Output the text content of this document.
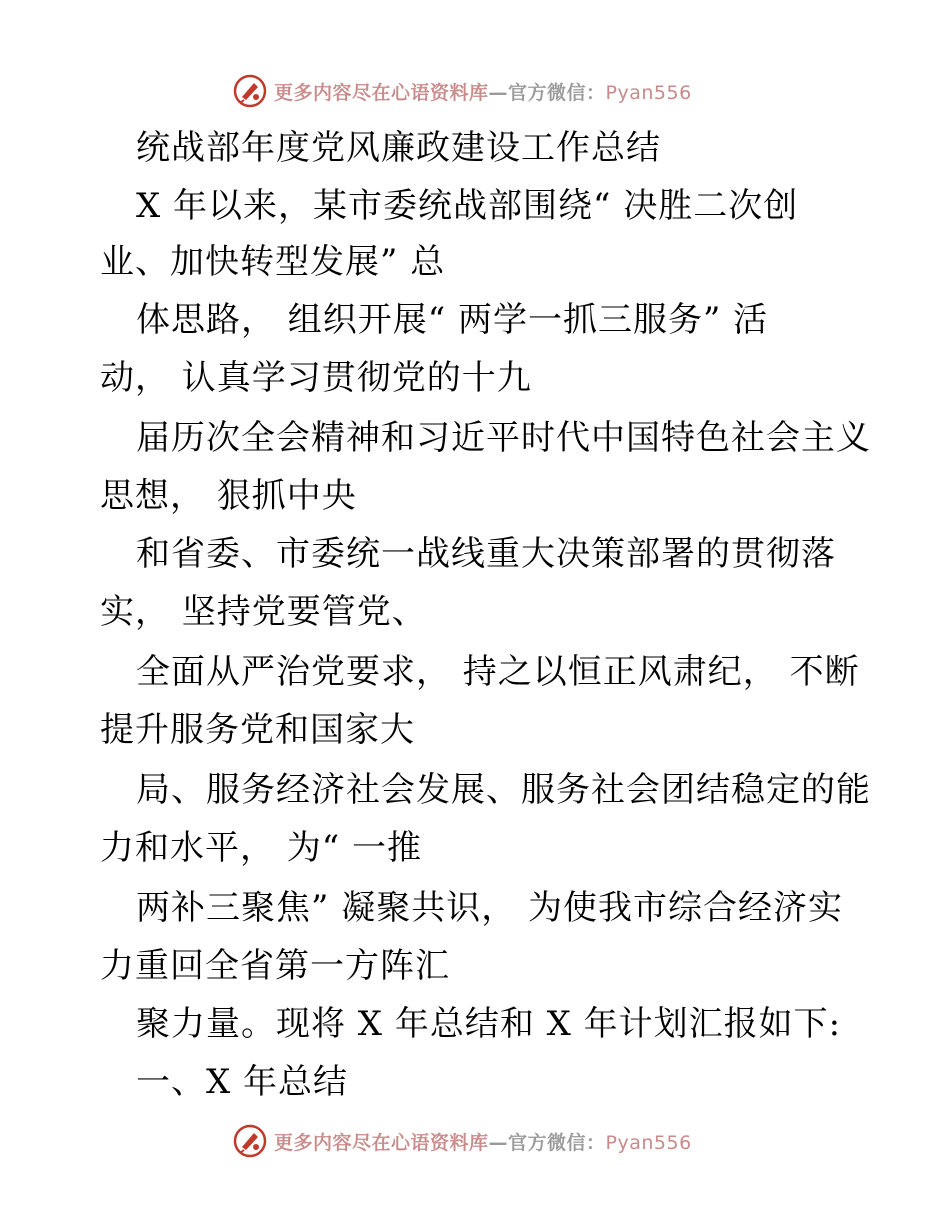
更多内容尽在心语资料库—官方微信：Pyan556
统战部年度党风廉政建设工作总结
X 年以来，某市委统战部围绕“ 决胜二次创
业、加快转型发展” 总
体思路， 组织开展“ 两学一抓三服务” 活
动， 认真学习贯彻党的十九
届历次全会精神和习近平时代中国特色社会主义
思想， 狠抓中央
和省委、市委统一战线重大决策部署的贯彻落
实， 坚持党要管党、
全面从严治党要求， 持之以恒正风肃纪， 不断
提升服务党和国家大
局、服务经济社会发展、服务社会团结稳定的能
力和水平， 为“ 一推
两补三聚焦” 凝聚共识， 为使我市综合经济实
力重回全省第一方阵汇
聚力量。现将 X 年总结和 X 年计划汇报如下:
一、X 年总结
更多内容尽在心语资料库—官方微信：Pyan556
